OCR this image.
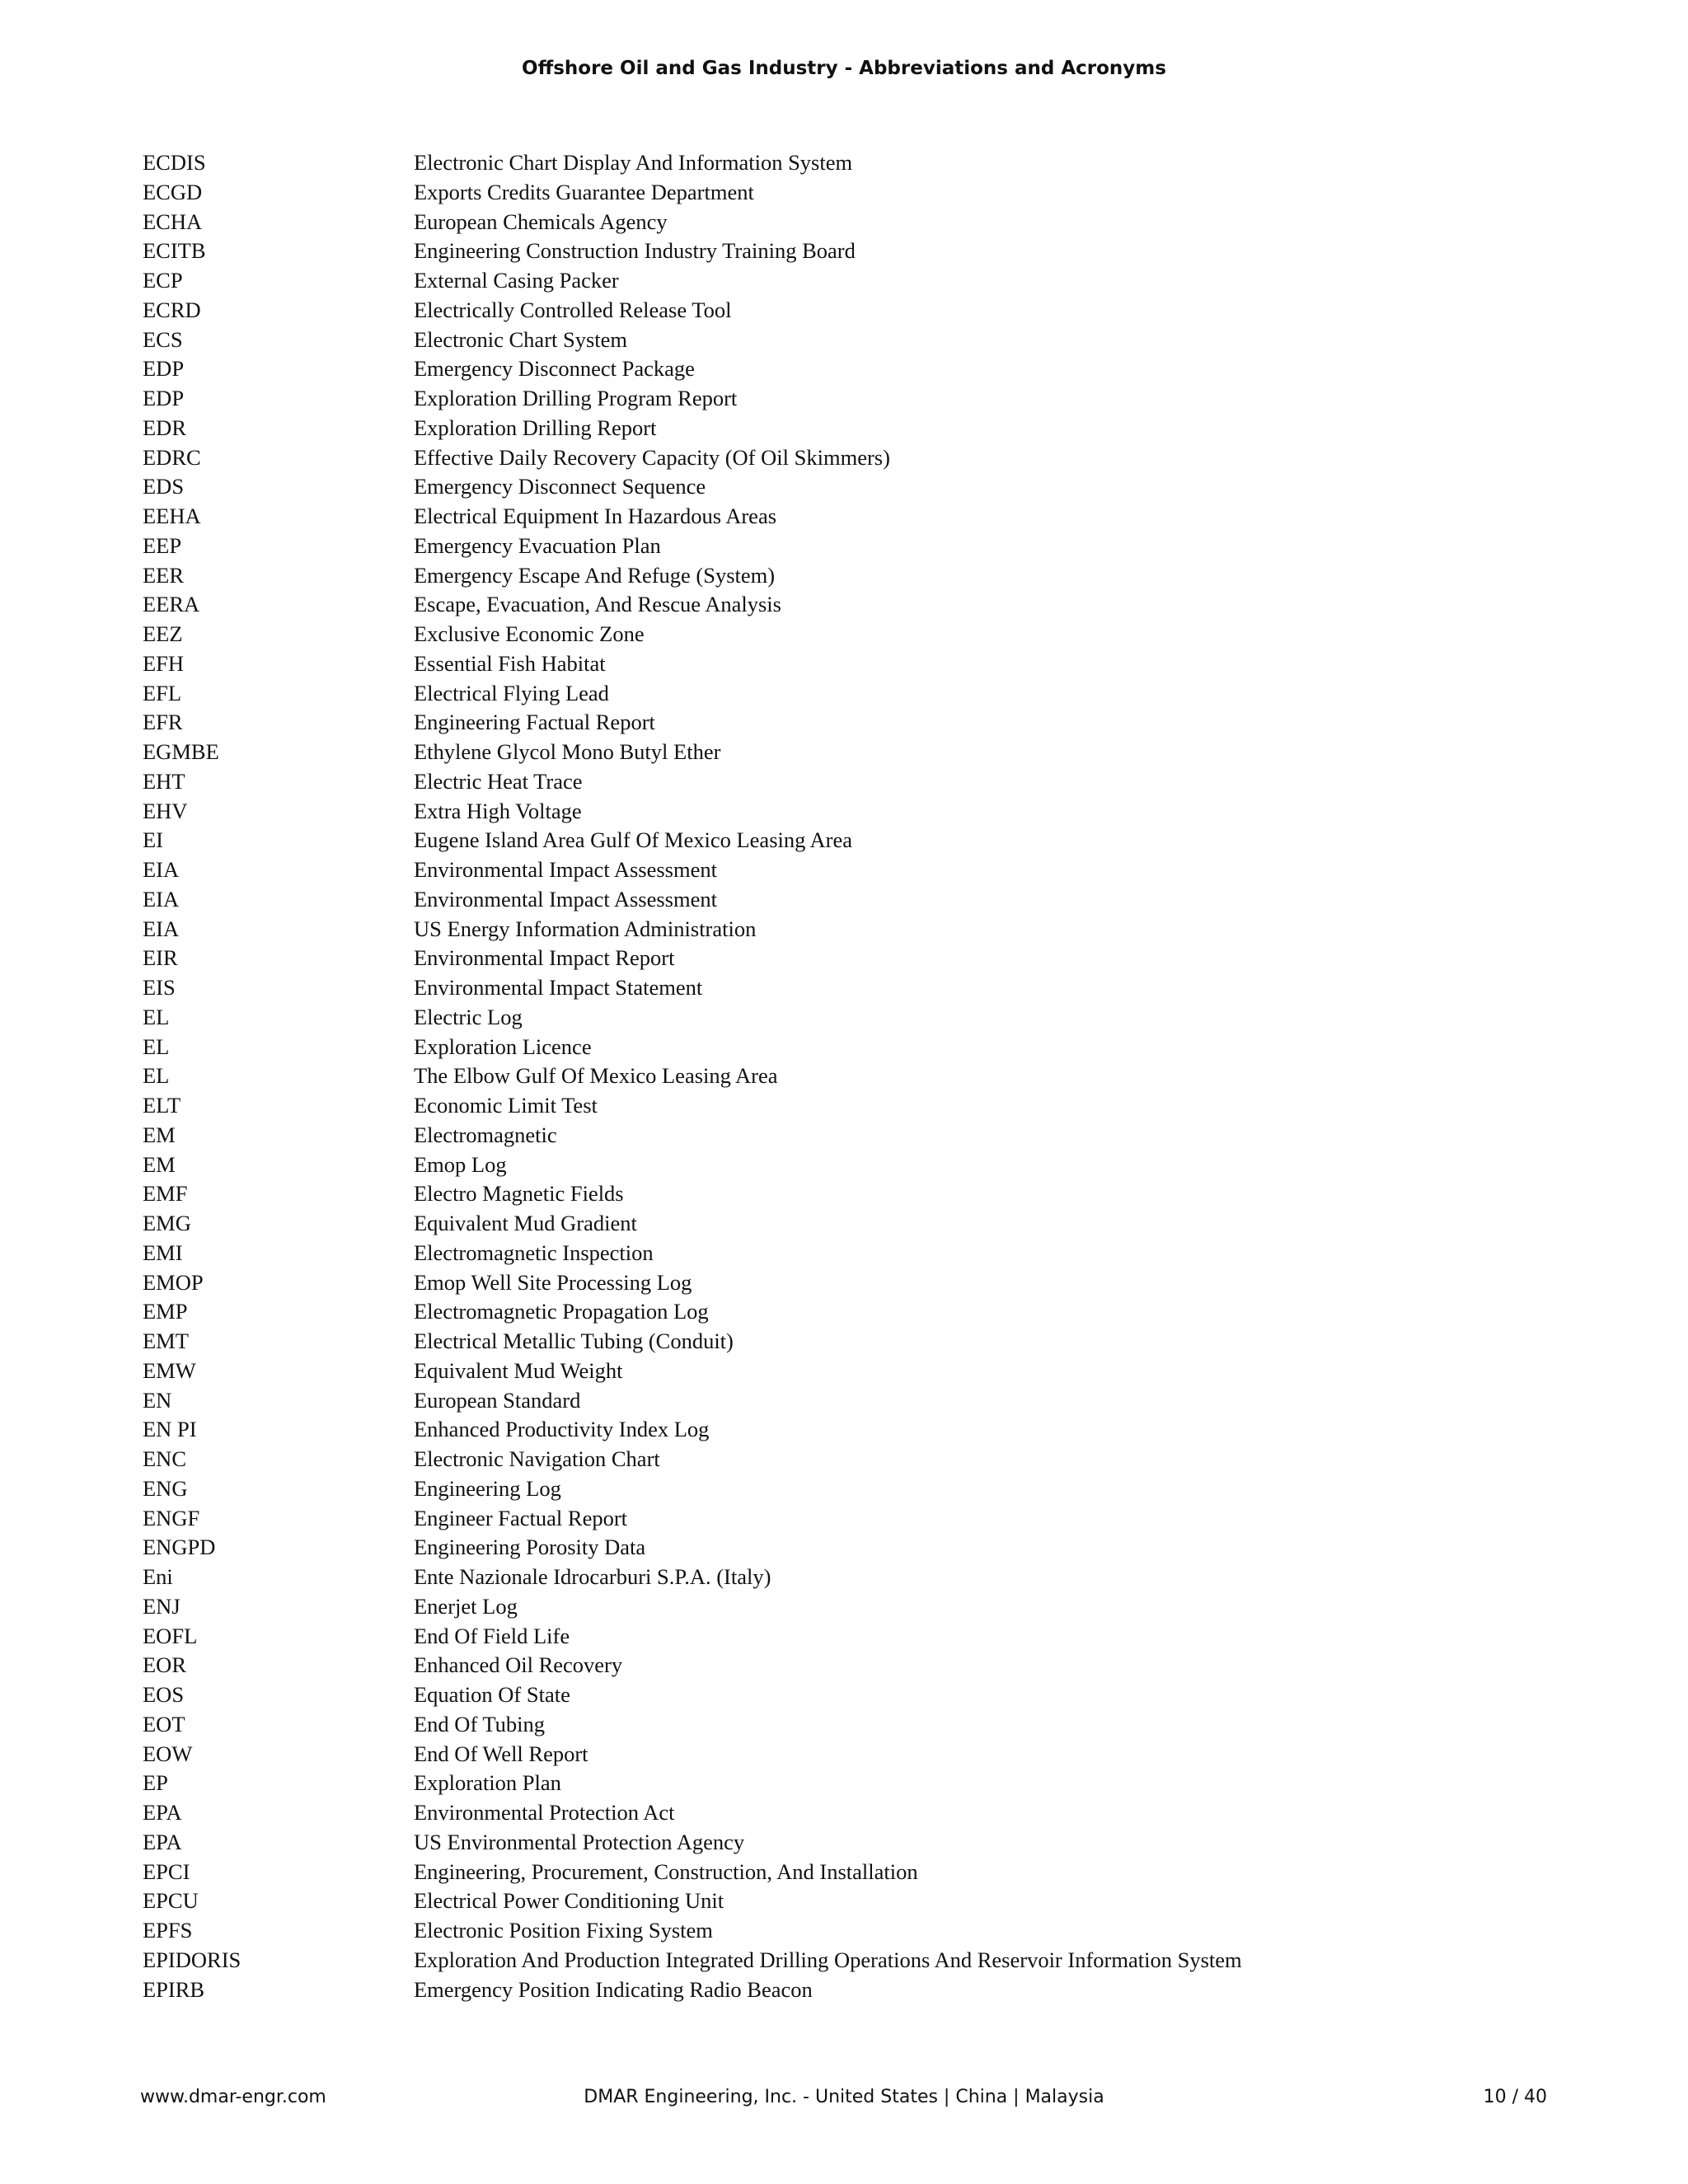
Offshore Oil and Gas Industry - Abbreviations and Acronyms
ECDIS	Electronic Chart Display And Information System
ECGD	Exports Credits Guarantee Department
ECHA	European Chemicals Agency
ECITB	Engineering Construction Industry Training Board
ECP	External Casing Packer
ECRD	Electrically Controlled Release Tool
ECS	Electronic Chart System
EDP	Emergency Disconnect Package
EDP	Exploration Drilling Program Report
EDR	Exploration Drilling Report
EDRC	Effective Daily Recovery Capacity (Of Oil Skimmers)
EDS	Emergency Disconnect Sequence
EEHA	Electrical Equipment In Hazardous Areas
EEP	Emergency Evacuation Plan
EER	Emergency Escape And Refuge (System)
EERA	Escape, Evacuation, And Rescue Analysis
EEZ	Exclusive Economic Zone
EFH	Essential Fish Habitat
EFL	Electrical Flying Lead
EFR	Engineering Factual Report
EGMBE	Ethylene Glycol Mono Butyl Ether
EHT	Electric Heat Trace
EHV	Extra High Voltage
EI	Eugene Island Area Gulf Of Mexico Leasing Area
EIA	Environmental Impact Assessment
EIA	Environmental Impact Assessment
EIA	US Energy Information Administration
EIR	Environmental Impact Report
EIS	Environmental Impact Statement
EL	Electric Log
EL	Exploration Licence
EL	The Elbow Gulf Of Mexico Leasing Area
ELT	Economic Limit Test
EM	Electromagnetic
EM	Emop Log
EMF	Electro Magnetic Fields
EMG	Equivalent Mud Gradient
EMI	Electromagnetic Inspection
EMOP	Emop Well Site Processing Log
EMP	Electromagnetic Propagation Log
EMT	Electrical Metallic Tubing (Conduit)
EMW	Equivalent Mud Weight
EN	European Standard
EN PI	Enhanced Productivity Index Log
ENC	Electronic Navigation Chart
ENG	Engineering Log
ENGF	Engineer Factual Report
ENGPD	Engineering Porosity Data
Eni	Ente Nazionale Idrocarburi S.P.A. (Italy)
ENJ	Enerjet Log
EOFL	End Of Field Life
EOR	Enhanced Oil Recovery
EOS	Equation Of State
EOT	End Of Tubing
EOW	End Of Well Report
EP	Exploration Plan
EPA	Environmental Protection Act
EPA	US Environmental Protection Agency
EPCI	Engineering, Procurement, Construction, And Installation
EPCU	Electrical Power Conditioning Unit
EPFS	Electronic Position Fixing System
EPIDORIS	Exploration And Production Integrated Drilling Operations And Reservoir Information System
EPIRB	Emergency Position Indicating Radio Beacon
www.dmar-engr.com	DMAR Engineering, Inc. - United States | China | Malaysia	10 / 40
